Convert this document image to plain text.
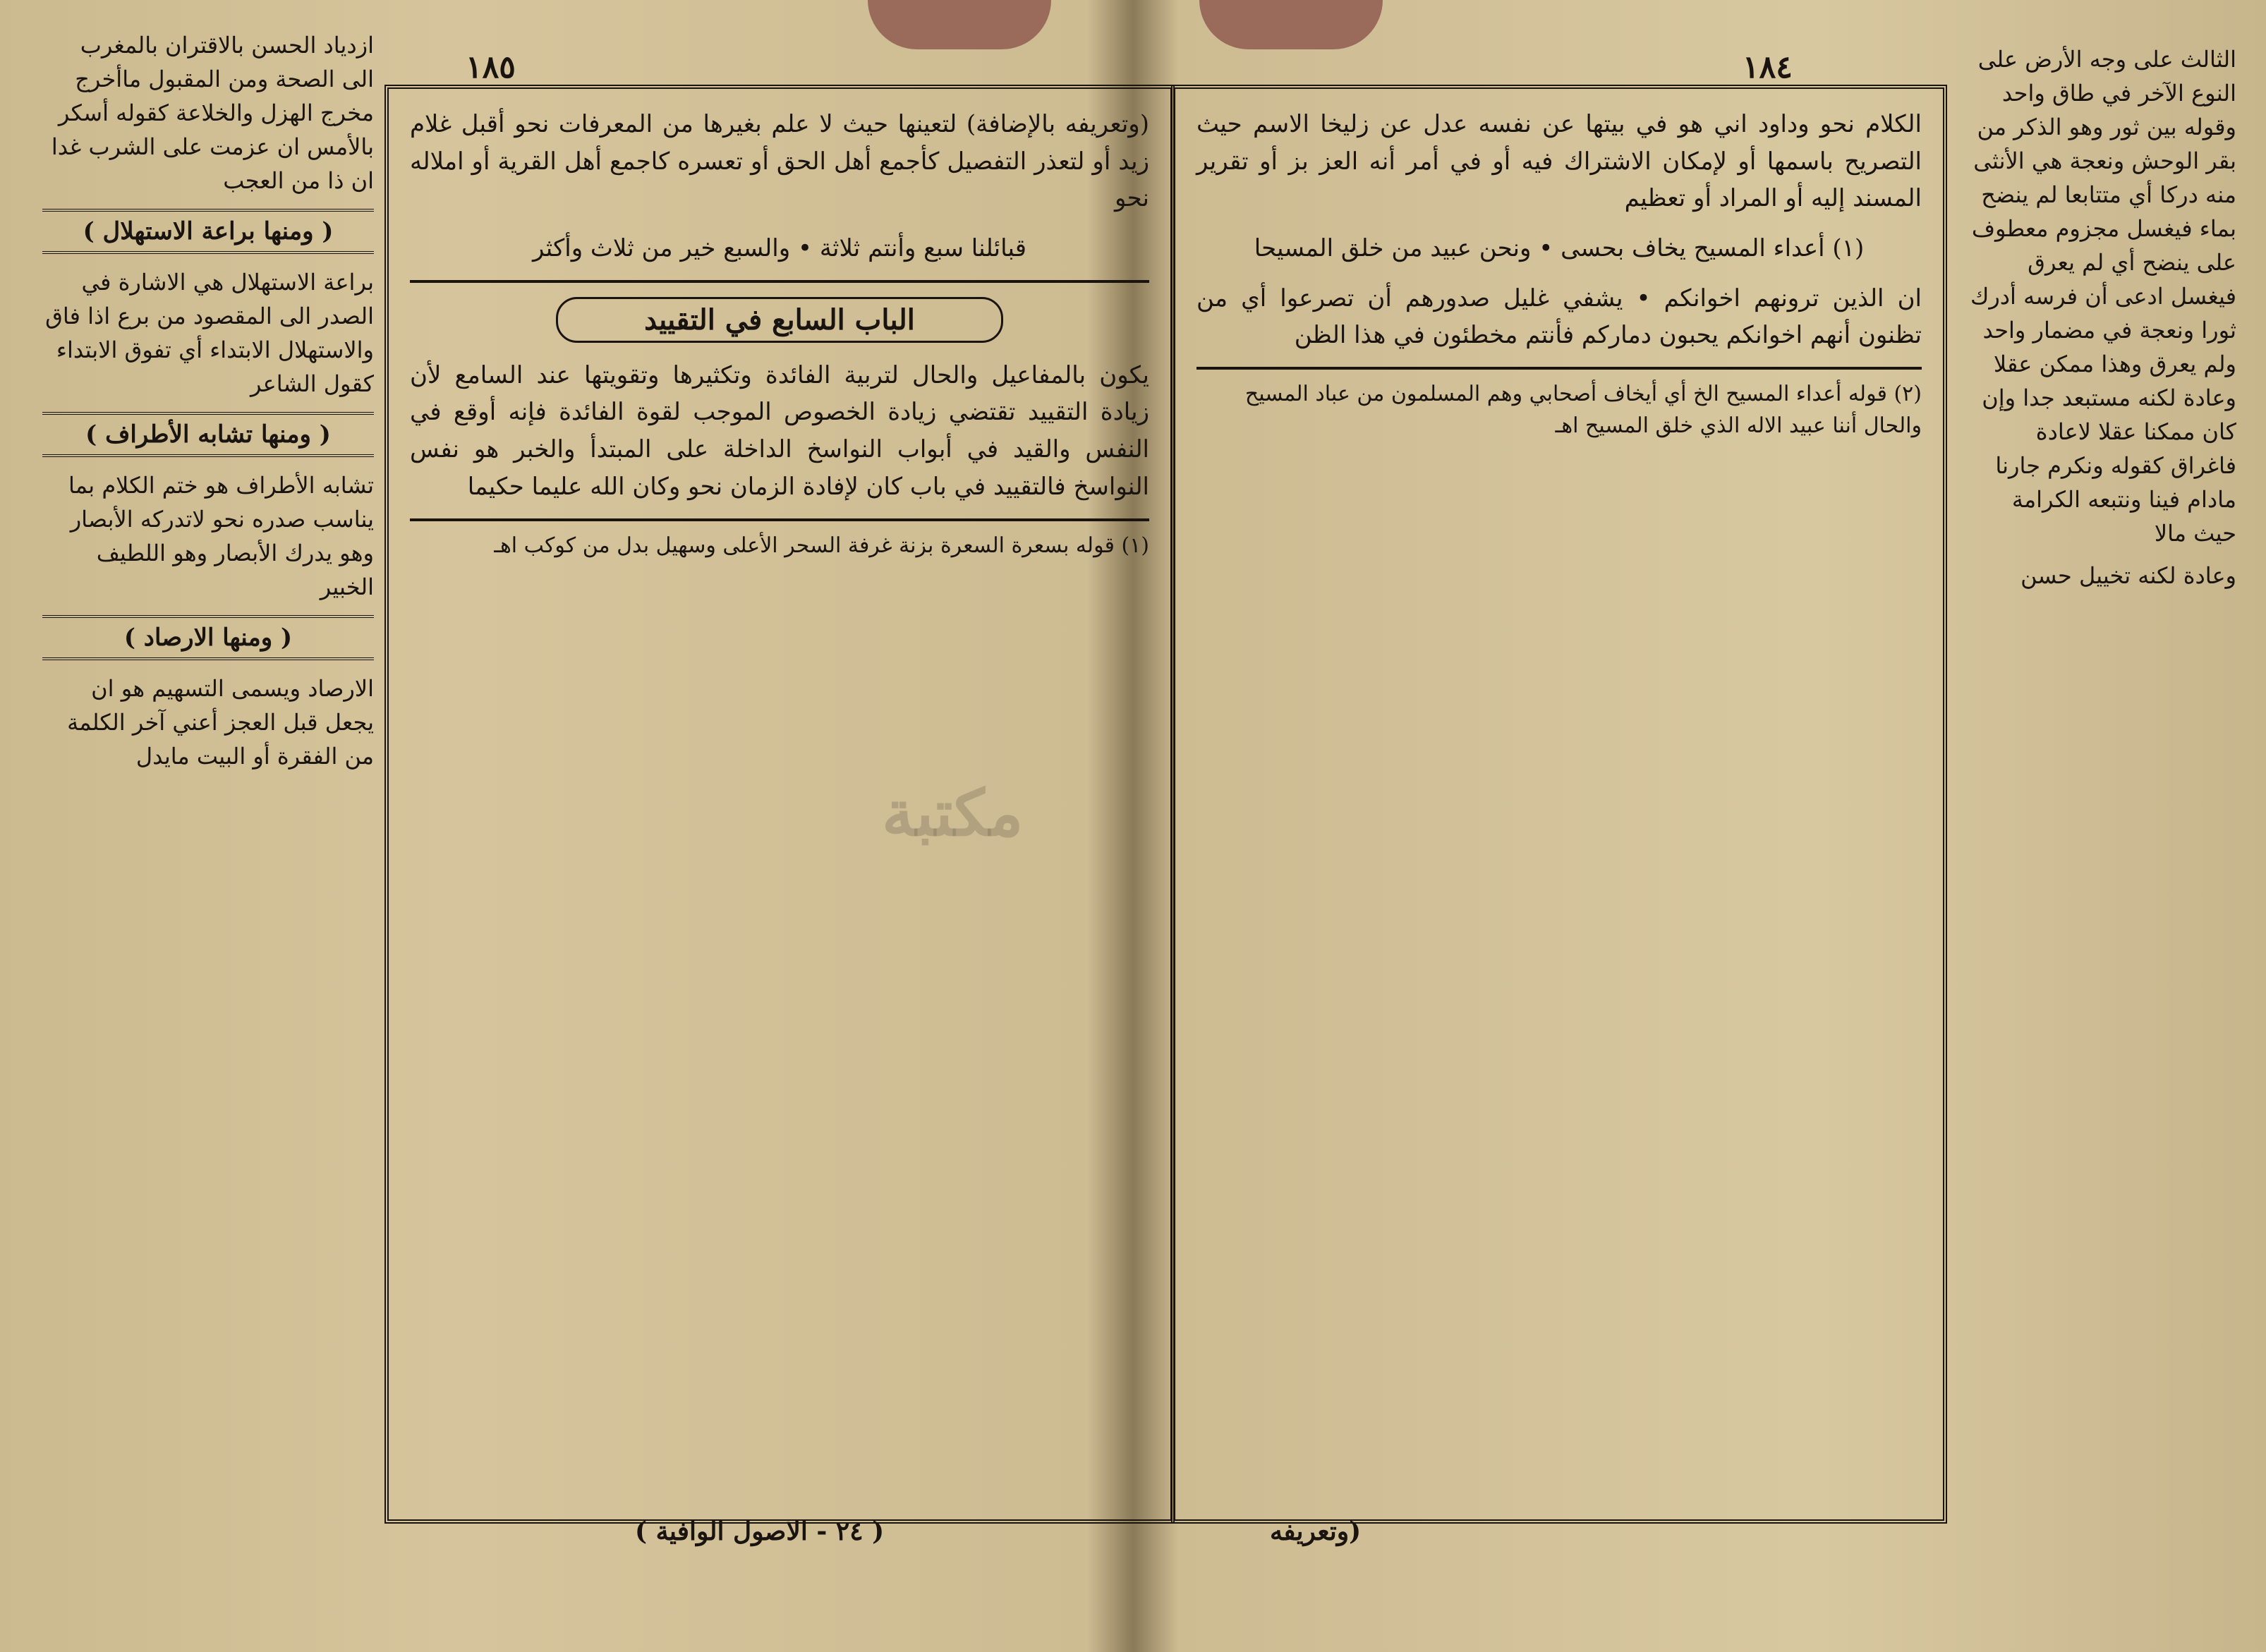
ازدياد الحسن بالاقتران بالمغرب الى الصحة ومن المقبول ماأخرج مخرج الهزل والخلاعة كقوله أسكر بالأمس ان عزمت على الشرب غدا ان ذا من العجب

( ومنها براعة الاستهلال )

براعة الاستهلال هي الاشارة في الصدر الى المقصود من برع اذا فاق والاستهلال الابتداء أي تفوق الابتداء كقول الشاعر

( ومنها تشابه الأطراف )

تشابه الأطراف هو ختم الكلام بما يناسب صدره نحو لاتدركه الأبصار وهو يدرك الأبصار وهو اللطيف الخبير

( ومنها الارصاد )

الارصاد ويسمى التسهيم هو ان يجعل قبل العجز أعني آخر الكلمة من الفقرة أو البيت مايدل

١٨٥

(وتعريفه بالإضافة) لتعينها حيث لا علم بغيرها من المعرفات نحو أقبل غلام زيد أو لتعذر التفصيل كأجمع أهل الحق أو تعسره كاجمع أهل القرية أو املاله نحو

قبائلنا سبع وأنتم ثلاثة • والسبع خير من ثلاث وأكثر

الباب السابع في التقييد

يكون بالمفاعيل والحال لتربية الفائدة وتكثيرها وتقويتها عند السامع لأن زيادة التقييد تقتضي زيادة الخصوص الموجب لقوة الفائدة فإنه أوقع في النفس والقيد في أبواب النواسخ الداخلة على المبتدأ والخبر هو نفس النواسخ فالتقييد في باب كان لإفادة الزمان نحو وكان الله عليما حكيما

(١) قوله بسعرة السعرة بزنة غرفة السحر الأعلى وسهيل بدل من كوكب اهـ
( ٢٤ - الاصول الوافية )
١٨٤

الكلام نحو وداود اني هو في بيتها عن نفسه عدل عن زليخا الاسم حيث التصريح باسمها أو لإمكان الاشتراك فيه أو في أمر أنه العز بز أو تقرير المسند إليه أو المراد أو تعظيم

(١) أعداء المسيح يخاف بحسى • ونحن عبيد من خلق المسيحا

ان الذين ترونهم اخوانكم • يشفي غليل صدورهم أن تصرعوا أي من تظنون أنهم اخوانكم يحبون دماركم فأنتم مخطئون في هذا الظن

(٢) قوله أعداء المسيح الخ أي أيخاف أصحابي وهم المسلمون من عباد المسيح والحال أننا عبيد الاله الذي خلق المسيح اهـ
(وتعريفه

الثالث على وجه الأرض على النوع الآخر في طاق واحد وقوله بين ثور وهو الذكر من بقر الوحش ونعجة هي الأنثى منه دركا أي متتابعا لم ينضح بماء فيغسل مجزوم معطوف على ينضح أي لم يعرق فيغسل ادعى أن فرسه أدرك ثورا ونعجة في مضمار واحد ولم يعرق وهذا ممكن عقلا وعادة لكنه مستبعد جدا وإن كان ممكنا عقلا لاعادة فاغراق كقوله ونكرم جارنا مادام فينا ونتبعه الكرامة حيث مالا

وعادة لكنه تخييل حسن

مكتبة
